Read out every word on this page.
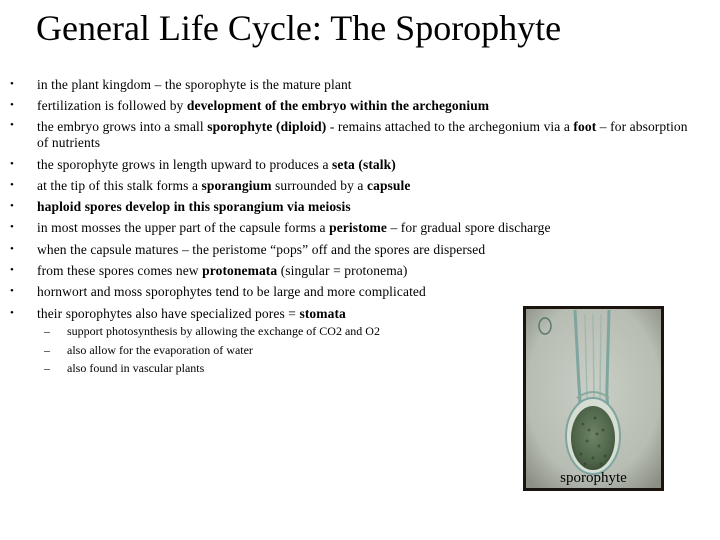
General Life Cycle: The Sporophyte
• in the plant kingdom – the sporophyte is the mature plant
• fertilization is followed by development of the embryo within the archegonium
• the embryo grows into a small sporophyte (diploid) - remains attached to the archegonium via a foot – for absorption of nutrients
• the sporophyte grows in length upward to produces a seta (stalk)
• at the tip of this stalk forms a sporangium surrounded by a capsule
• haploid spores develop in this sporangium via meiosis
• in most mosses the upper part of the capsule forms a peristome – for gradual spore discharge
• when the capsule matures – the peristome “pops” off and the spores are dispersed
• from these spores comes new protonemata (singular = protonema)
• hornwort and moss sporophytes tend to be large and more complicated
• their sporophytes also have specialized pores = stomata
– support photosynthesis by allowing the exchange of CO2 and O2
– also allow for the evaporation of water
– also found in vascular plants
sporophyte
